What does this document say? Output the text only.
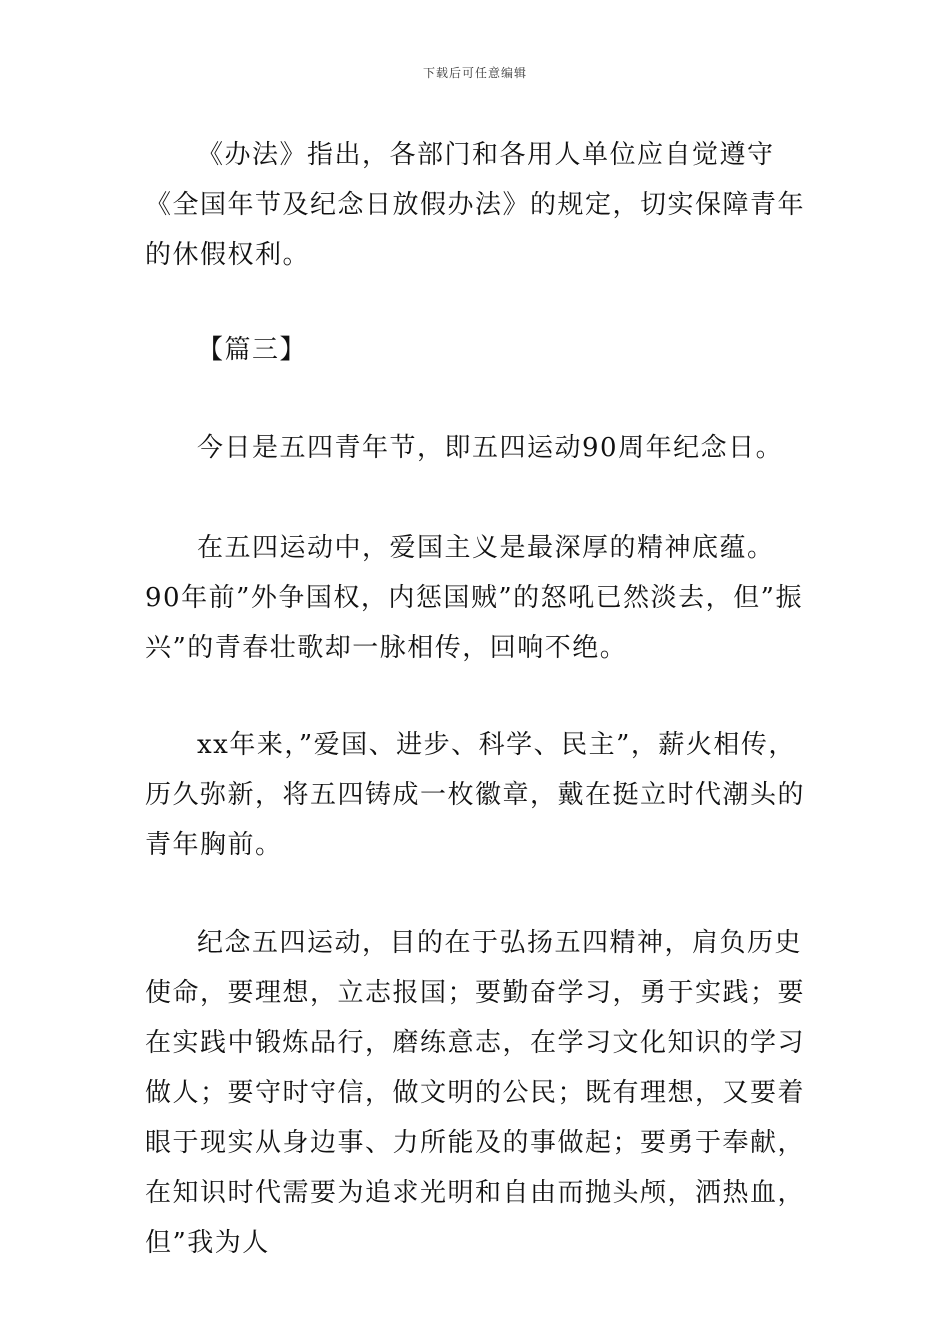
下载后可任意编辑

《办法》指出，各部门和各用人单位应自觉遵守《全国年节及纪念日放假办法》的规定，切实保障青年的休假权利。

【篇三】

今日是五四青年节，即五四运动90周年纪念日。

在五四运动中，爱国主义是最深厚的精神底蕴。90年前”外争国权，内惩国贼”的怒吼已然淡去，但”振兴”的青春壮歌却一脉相传，回响不绝。

xx年来，”爱国、进步、科学、民主”，薪火相传，历久弥新，将五四铸成一枚徽章，戴在挺立时代潮头的青年胸前。

纪念五四运动，目的在于弘扬五四精神，肩负历史使命，要理想，立志报国；要勤奋学习，勇于实践；要在实践中锻炼品行，磨练意志，在学习文化知识的学习做人；要守时守信，做文明的公民；既有理想，又要着眼于现实从身边事、力所能及的事做起；要勇于奉献，在知识时代需要为追求光明和自由而抛头颅，洒热血，但”我为人
